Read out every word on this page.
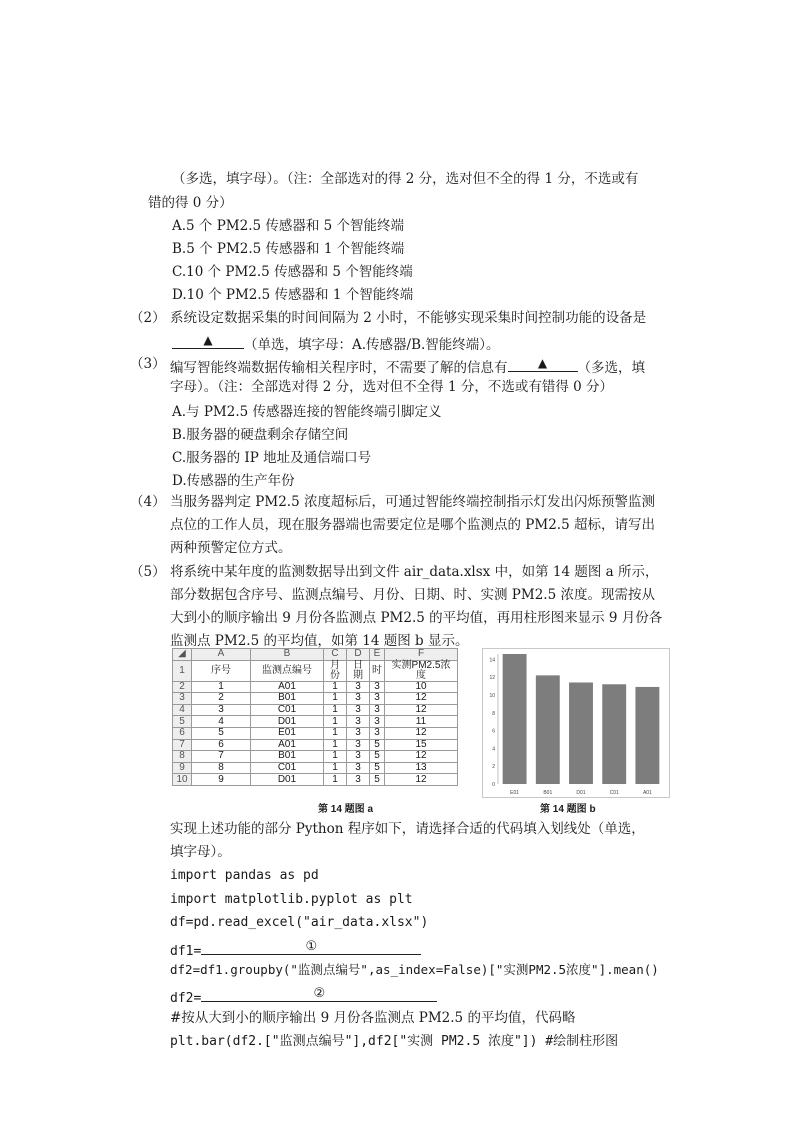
（多选，填字母）。（注：全部选对的得 2 分，选对但不全的得 1 分，不选或有
错的得 0 分）
A.5 个 PM2.5 传感器和 5 个智能终端
B.5 个 PM2.5 传感器和 1 个智能终端
C.10 个 PM2.5 传感器和 5 个智能终端
D.10 个 PM2.5 传感器和 1 个智能终端
（2） 系统设定数据采集的时间间隔为 2 小时，不能够实现采集时间控制功能的设备是
▲ （单选，填字母：A.传感器/B.智能终端）。
（3） 编写智能终端数据传输相关程序时，不需要了解的信息有	▲ （多选，填
字母）。（注：全部选对得 2 分，选对但不全得 1 分，不选或有错得 0 分）
A.与 PM2.5 传感器连接的智能终端引脚定义
B.服务器的硬盘剩余存储空间
C.服务器的 IP 地址及通信端口号
D.传感器的生产年份
（4） 当服务器判定 PM2.5 浓度超标后，可通过智能终端控制指示灯发出闪烁预警监测
点位的工作人员，现在服务器端也需要定位是哪个监测点的 PM2.5 超标，请写出
两种预警定位方式。
（5） 将系统中某年度的监测数据导出到文件 air_data.xlsx 中，如第 14 题图 a 所示，
部分数据包含序号、监测点编号、月份、日期、时、实测 PM2.5 浓度。现需按从
大到小的顺序输出 9 月份各监测点 PM2.5 的平均值，再用柱形图来显示 9 月份各
监测点 PM2.5 的平均值，如第 14 题图 b 显示。
◢	A	B	C	D	E	F
1	序号	监测点编号	月份	日期	时	实测PM2.5浓度
2	1	A01	1	3	3	10
3	2	B01	1	3	3	12
4	3	C01	1	3	3	12
5	4	D01	1	3	3	11
6	5	E01	1	3	3	12
7	6	A01	1	3	5	15
8	7	B01	1	3	5	12
9	8	C01	1	3	5	13
10	9	D01	1	3	5	12
第 14 题图 a
14
12
10
8
6
4
2
0
E01	B01	D01	C01	A01
第 14 题图 b
实现上述功能的部分 Python 程序如下，请选择合适的代码填入划线处（单选，
填字母）。
import pandas as pd
import matplotlib.pyplot as plt
df=pd.read_excel("air_data.xlsx")
df1=	①
df2=df1.groupby("监测点编号",as_index=False)["实测PM2.5浓度"].mean()
df2=	②
#按从大到小的顺序输出 9 月份各监测点 PM2.5 的平均值，代码略
plt.bar(df2.["监测点编号"],df2["实测 PM2.5 浓度"]) #绘制柱形图
